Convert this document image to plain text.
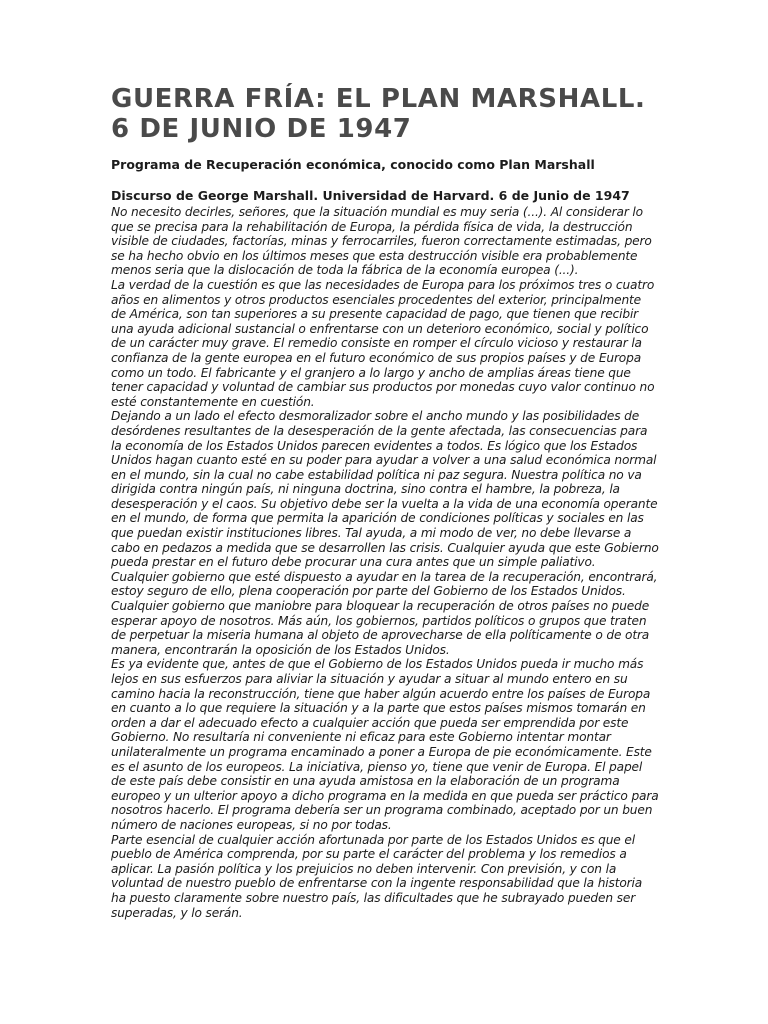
GUERRA FRÍA: EL PLAN MARSHALL. 6 DE JUNIO DE 1947

Programa de Recuperación económica, conocido como Plan Marshall

Discurso de George Marshall. Universidad de Harvard. 6 de Junio de 1947

No necesito decirles, señores, que la situación mundial es muy seria (...). Al considerar lo que se precisa para la rehabilitación de Europa, la pérdida física de vida, la destrucción visible de ciudades, factorías, minas y ferrocarriles, fueron correctamente estimadas, pero se ha hecho obvio en los últimos meses que esta destrucción visible era probablemente menos seria que la dislocación de toda la fábrica de la economía europea (...).

La verdad de la cuestión es que las necesidades de Europa para los próximos tres o cuatro años en alimentos y otros productos esenciales procedentes del exterior, principalmente de América, son tan superiores a su presente capacidad de pago, que tienen que recibir una ayuda adicional sustancial o enfrentarse con un deterioro económico, social y político de un carácter muy grave. El remedio consiste en romper el círculo vicioso y restaurar la confianza de la gente europea en el futuro económico de sus propios países y de Europa como un todo. El fabricante y el granjero a lo largo y ancho de amplias áreas tiene que tener capacidad y voluntad de cambiar sus productos por monedas cuyo valor continuo no esté constantemente en cuestión.

Dejando a un lado el efecto desmoralizador sobre el ancho mundo y las posibilidades de desórdenes resultantes de la desesperación de la gente afectada, las consecuencias para la economía de los Estados Unidos parecen evidentes a todos. Es lógico que los Estados Unidos hagan cuanto esté en su poder para ayudar a volver a una salud económica normal en el mundo, sin la cual no cabe estabilidad política ni paz segura. Nuestra política no va dirigida contra ningún país, ni ninguna doctrina, sino contra el hambre, la pobreza, la desesperación y el caos. Su objetivo debe ser la vuelta a la vida de una economía operante en el mundo, de forma que permita la aparición de condiciones políticas y sociales en las que puedan existir instituciones libres. Tal ayuda, a mi modo de ver, no debe llevarse a cabo en pedazos a medida que se desarrollen las crisis. Cualquier ayuda que este Gobierno pueda prestar en el futuro debe procurar una cura antes que un simple paliativo.

Cualquier gobierno que esté dispuesto a ayudar en la tarea de la recuperación, encontrará, estoy seguro de ello, plena cooperación por parte del Gobierno de los Estados Unidos. Cualquier gobierno que maniobre para bloquear la recuperación de otros países no puede esperar apoyo de nosotros. Más aún, los gobiernos, partidos políticos o grupos que traten de perpetuar la miseria humana al objeto de aprovecharse de ella políticamente o de otra manera, encontrarán la oposición de los Estados Unidos.

Es ya evidente que, antes de que el Gobierno de los Estados Unidos pueda ir mucho más lejos en sus esfuerzos para aliviar la situación y ayudar a situar al mundo entero en su camino hacia la reconstrucción, tiene que haber algún acuerdo entre los países de Europa en cuanto a lo que requiere la situación y a la parte que estos países mismos tomarán en orden a dar el adecuado efecto a cualquier acción que pueda ser emprendida por este Gobierno. No resultaría ni conveniente ni eficaz para este Gobierno intentar montar unilateralmente un programa encaminado a poner a Europa de pie económicamente. Este es el asunto de los europeos. La iniciativa, pienso yo, tiene que venir de Europa. El papel de este país debe consistir en una ayuda amistosa en la elaboración de un programa europeo y un ulterior apoyo a dicho programa en la medida en que pueda ser práctico para nosotros hacerlo. El programa debería ser un programa combinado, aceptado por un buen número de naciones europeas, si no por todas.

Parte esencial de cualquier acción afortunada por parte de los Estados Unidos es que el pueblo de América comprenda, por su parte el carácter del problema y los remedios a aplicar. La pasión política y los prejuicios no deben intervenir. Con previsión, y con la voluntad de nuestro pueblo de enfrentarse con la ingente responsabilidad que la historia ha puesto claramente sobre nuestro país, las dificultades que he subrayado pueden ser superadas, y lo serán.
